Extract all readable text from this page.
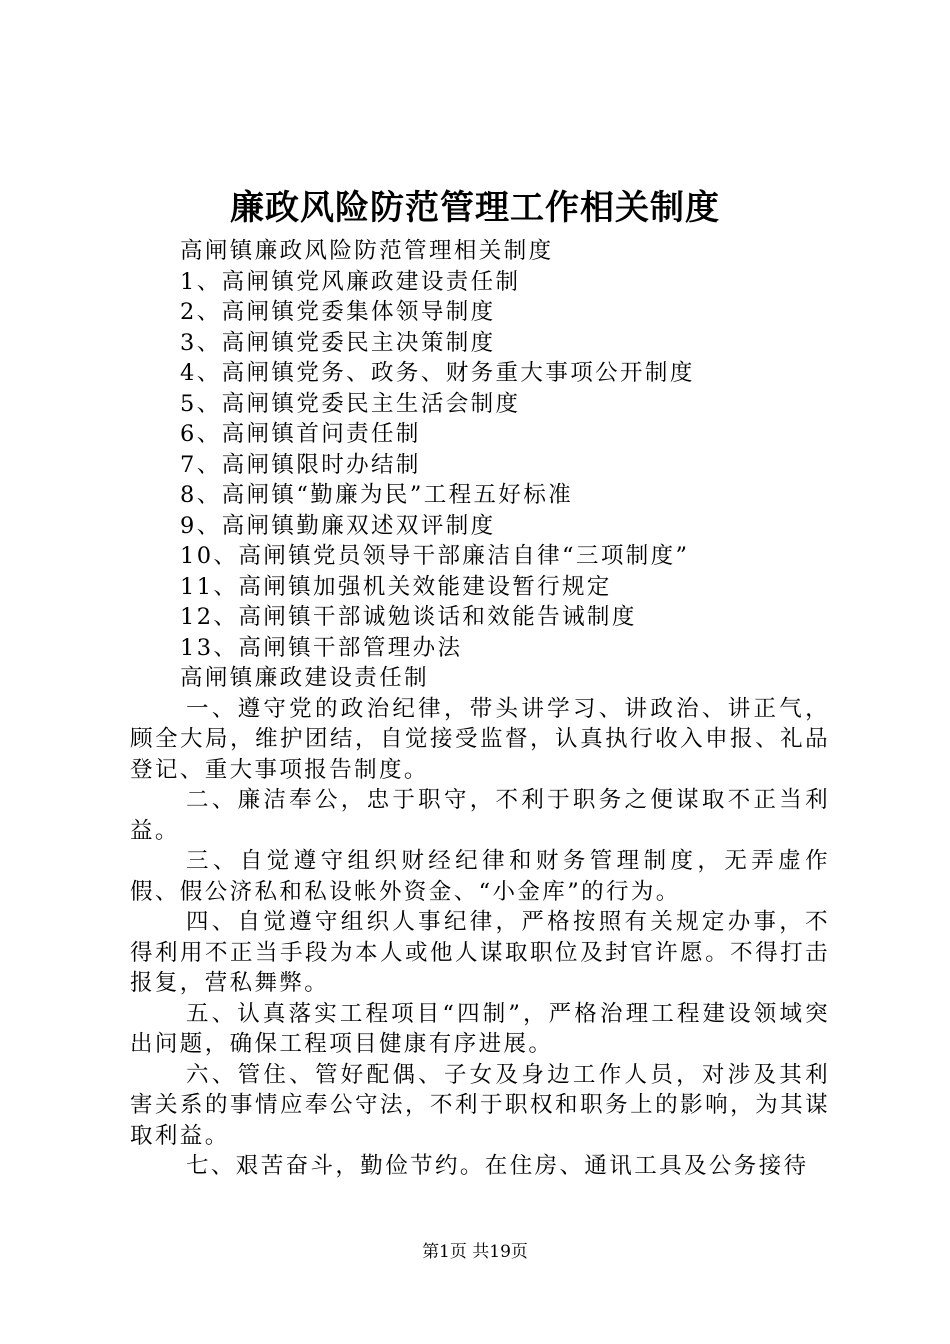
廉政风险防范管理工作相关制度
高闸镇廉政风险防范管理相关制度
1、高闸镇党风廉政建设责任制
2、高闸镇党委集体领导制度
3、高闸镇党委民主决策制度
4、高闸镇党务、政务、财务重大事项公开制度
5、高闸镇党委民主生活会制度
6、高闸镇首问责任制
7、高闸镇限时办结制
8、高闸镇“勤廉为民”工程五好标准
9、高闸镇勤廉双述双评制度
10、高闸镇党员领导干部廉洁自律“三项制度”
11、高闸镇加强机关效能建设暂行规定
12、高闸镇干部诚勉谈话和效能告诫制度
13、高闸镇干部管理办法
高闸镇廉政建设责任制
一、遵守党的政治纪律，带头讲学习、讲政治、讲正气，顾全大局，维护团结，自觉接受监督，认真执行收入申报、礼品登记、重大事项报告制度。
二、廉洁奉公，忠于职守，不利于职务之便谋取不正当利益。
三、自觉遵守组织财经纪律和财务管理制度，无弄虚作假、假公济私和私设帐外资金、“小金库”的行为。
四、自觉遵守组织人事纪律，严格按照有关规定办事，不得利用不正当手段为本人或他人谋取职位及封官许愿。不得打击报复，营私舞弊。
五、认真落实工程项目“四制”，严格治理工程建设领域突出问题，确保工程项目健康有序进展。
六、管住、管好配偶、子女及身边工作人员，对涉及其利害关系的事情应奉公守法，不利于职权和职务上的影响，为其谋取利益。
七、艰苦奋斗，勤俭节约。在住房、通讯工具及公务接待
第1页 共19页
